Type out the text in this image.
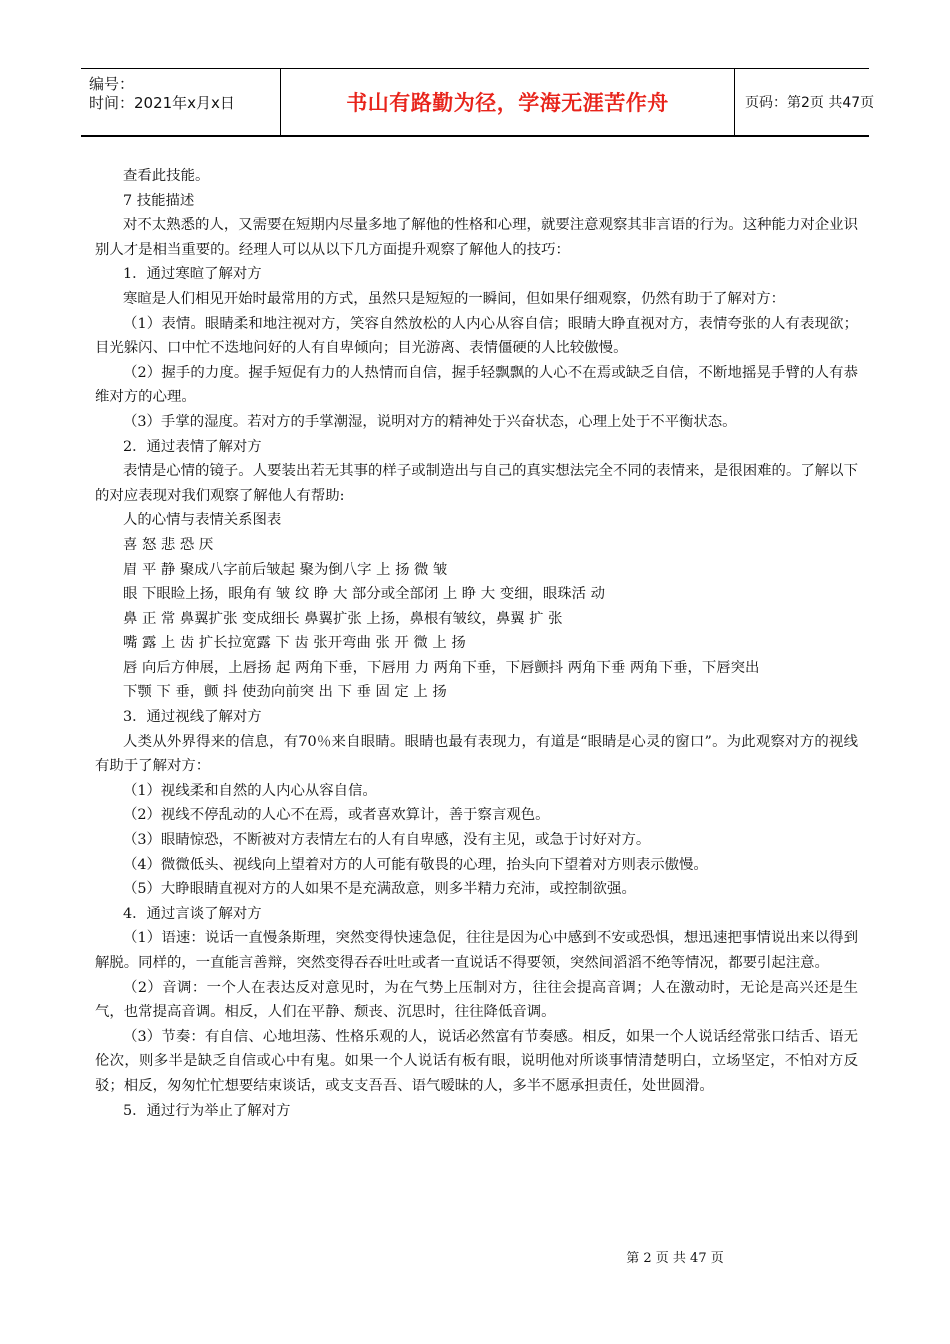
编号：
时间：2021年x月x日	书山有路勤为径，学海无涯苦作舟	页码：第2页 共47页

查看此技能。

7 技能描述

对不太熟悉的人，又需要在短期内尽量多地了解他的性格和心理，就要注意观察其非言语的行为。这种能力对企业识别人才是相当重要的。经理人可以从以下几方面提升观察了解他人的技巧：

1．通过寒暄了解对方

寒暄是人们相见开始时最常用的方式，虽然只是短短的一瞬间，但如果仔细观察，仍然有助于了解对方：

（1）表情。眼睛柔和地注视对方，笑容自然放松的人内心从容自信；眼睛大睁直视对方，表情夸张的人有表现欲；目光躲闪、口中忙不迭地问好的人有自卑倾向；目光游离、表情僵硬的人比较傲慢。

（2）握手的力度。握手短促有力的人热情而自信，握手轻飘飘的人心不在焉或缺乏自信，不断地摇晃手臂的人有恭维对方的心理。

（3）手掌的湿度。若对方的手掌潮湿，说明对方的精神处于兴奋状态，心理上处于不平衡状态。

2．通过表情了解对方

表情是心情的镜子。人要装出若无其事的样子或制造出与自己的真实想法完全不同的表情来，是很困难的。了解以下的对应表现对我们观察了解他人有帮助:

人的心情与表情关系图表

喜 怒 悲 恐 厌

眉 平 静 聚成八字前后皱起 聚为倒八字 上 扬 微 皱

眼 下眼睑上扬，眼角有 皱 纹 睁 大 部分或全部闭 上 睁 大 变细，眼珠活 动

鼻 正 常 鼻翼扩张 变成细长 鼻翼扩张 上扬，鼻根有皱纹，鼻翼 扩 张

嘴 露 上 齿 扩长拉宽露 下 齿 张开弯曲 张 开 微 上 扬

唇 向后方伸展，上唇扬 起 两角下垂，下唇用 力 两角下垂，下唇颤抖 两角下垂 两角下垂，下唇突出

下颚 下 垂，颤 抖 使劲向前突 出 下 垂 固 定 上 扬

3．通过视线了解对方

人类从外界得来的信息，有70％来自眼睛。眼睛也最有表现力，有道是“眼睛是心灵的窗口”。为此观察对方的视线有助于了解对方：

（1）视线柔和自然的人内心从容自信。

（2）视线不停乱动的人心不在焉，或者喜欢算计，善于察言观色。

（3）眼睛惊恐，不断被对方表情左右的人有自卑感，没有主见，或急于讨好对方。

（4）微微低头、视线向上望着对方的人可能有敬畏的心理，抬头向下望着对方则表示傲慢。

（5）大睁眼睛直视对方的人如果不是充满敌意，则多半精力充沛，或控制欲强。

4．通过言谈了解对方

（1）语速：说话一直慢条斯理，突然变得快速急促，往往是因为心中感到不安或恐惧，想迅速把事情说出来以得到解脱。同样的，一直能言善辩，突然变得吞吞吐吐或者一直说话不得要领，突然间滔滔不绝等情况，都要引起注意。

（2）音调：一个人在表达反对意见时，为在气势上压制对方，往往会提高音调；人在激动时，无论是高兴还是生气，也常提高音调。相反，人们在平静、颓丧、沉思时，往往降低音调。

（3）节奏：有自信、心地坦荡、性格乐观的人，说话必然富有节奏感。相反，如果一个人说话经常张口结舌、语无伦次，则多半是缺乏自信或心中有鬼。如果一个人说话有板有眼，说明他对所谈事情清楚明白，立场坚定，不怕对方反驳；相反，匆匆忙忙想要结束谈话，或支支吾吾、语气暧昧的人，多半不愿承担责任，处世圆滑。

5．通过行为举止了解对方

第 2 页 共 47 页
